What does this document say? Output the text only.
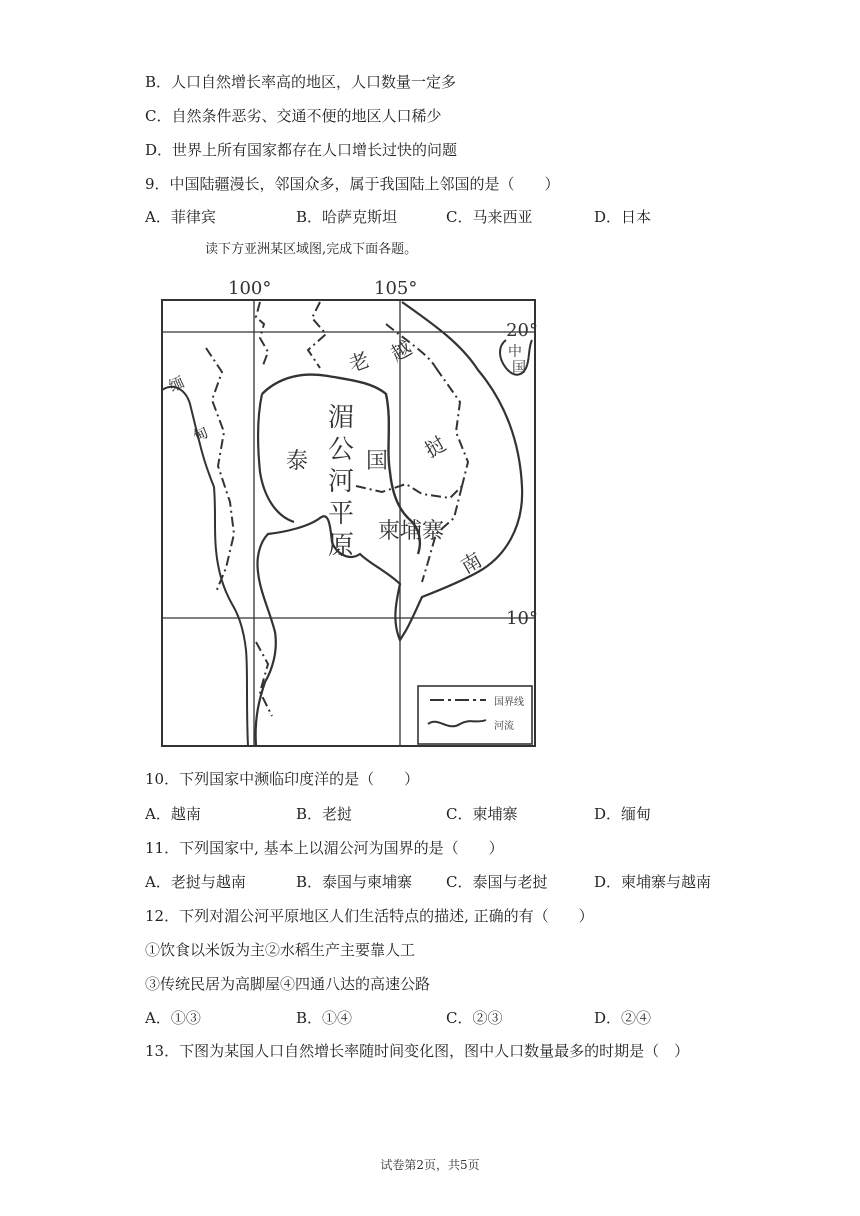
B．人口自然增长率高的地区，人口数量一定多
C．自然条件恶劣、交通不便的地区人口稀少
D．世界上所有国家都存在人口增长过快的问题
9．中国陆疆漫长，邻国众多，属于我国陆上邻国的是（　　）
A．菲律宾	B．哈萨克斯坦	C．马来西亚	D．日本
读下方亚洲某区域图,完成下面各题。
国界线
河流
100°	105°
20°
10°
中
国
缅
甸
老
挝
越
南
泰	国
湄
公
河
平
原 柬埔寨
10．下列国家中濒临印度洋的是（　　）
A．越南	B．老挝	C．柬埔寨	D．缅甸
11．下列国家中, 基本上以湄公河为国界的是（　　）
A．老挝与越南	B．泰国与柬埔寨 C．泰国与老挝	D．柬埔寨与越南
12．下列对湄公河平原地区人们生活特点的描述, 正确的有（　　）
①饮食以米饭为主②水稻生产主要靠人工
③传统民居为高脚屋④四通八达的高速公路
A．①③	B．①④	C．②③	D．②④
13．下图为某国人口自然增长率随时间变化图，图中人口数量最多的时期是（　）
试卷第2页，共5页
